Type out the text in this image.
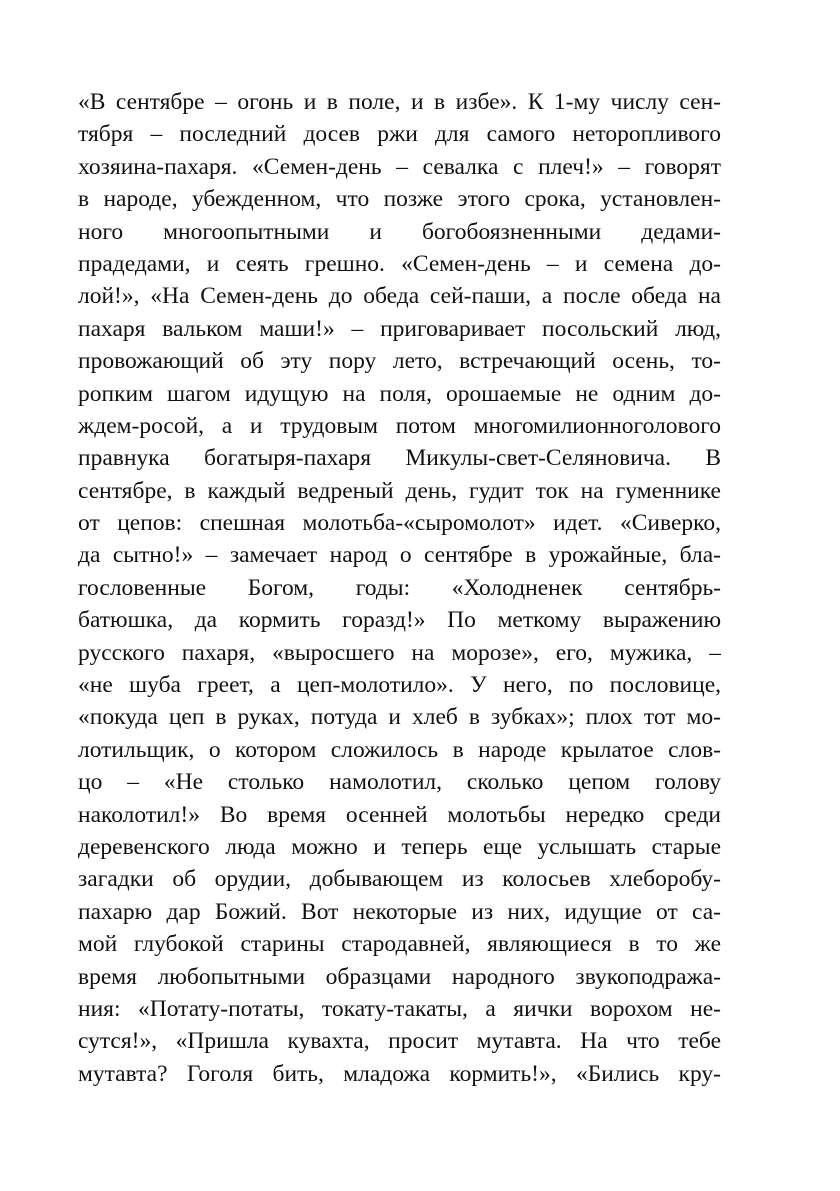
«В сентябре – огонь и в поле, и в избе». К 1-му числу сен-
тября – последний досев ржи для самого неторопливого
хозяина-пахаря. «Семен-день – севалка с плеч!» – говорят
в народе, убежденном, что позже этого срока, установлен-
ного многоопытными и богобоязненными дедами-
прадедами, и сеять грешно. «Семен-день – и семена до-
лой!», «На Семен-день до обеда сей-паши, а после обеда на
пахаря вальком маши!» – приговаривает посольский люд,
провожающий об эту пору лето, встречающий осень, то-
ропким шагом идущую на поля, орошаемые не одним до-
ждем-росой, а и трудовым потом многомилионноголового
правнука богатыря-пахаря Микулы-свет-Селяновича. В
сентябре, в каждый ведреный день, гудит ток на гуменнике
от цепов: спешная молотьба-«сыромолот» идет. «Сиверко,
да сытно!» – замечает народ о сентябре в урожайные, бла-
гословенные Богом, годы: «Холодненек сентябрь-
батюшка, да кормить горазд!» По меткому выражению
русского пахаря, «выросшего на морозе», его, мужика, –
«не шуба греет, а цеп-молотило». У него, по пословице,
«покуда цеп в руках, потуда и хлеб в зубках»; плох тот мо-
лотильщик, о котором сложилось в народе крылатое слов-
цо – «Не столько намолотил, сколько цепом голову
наколотил!» Во время осенней молотьбы нередко среди
деревенского люда можно и теперь еще услышать старые
загадки об орудии, добывающем из колосьев хлеборобу-
пахарю дар Божий. Вот некоторые из них, идущие от са-
мой глубокой старины стародавней, являющиеся в то же
время любопытными образцами народного звукоподража-
ния: «Потату-потаты, токату-такаты, а яички ворохом не-
сутся!», «Пришла кувахта, просит мутавта. На что тебе
мутавта? Гоголя бить, младожа кормить!», «Бились кру-
